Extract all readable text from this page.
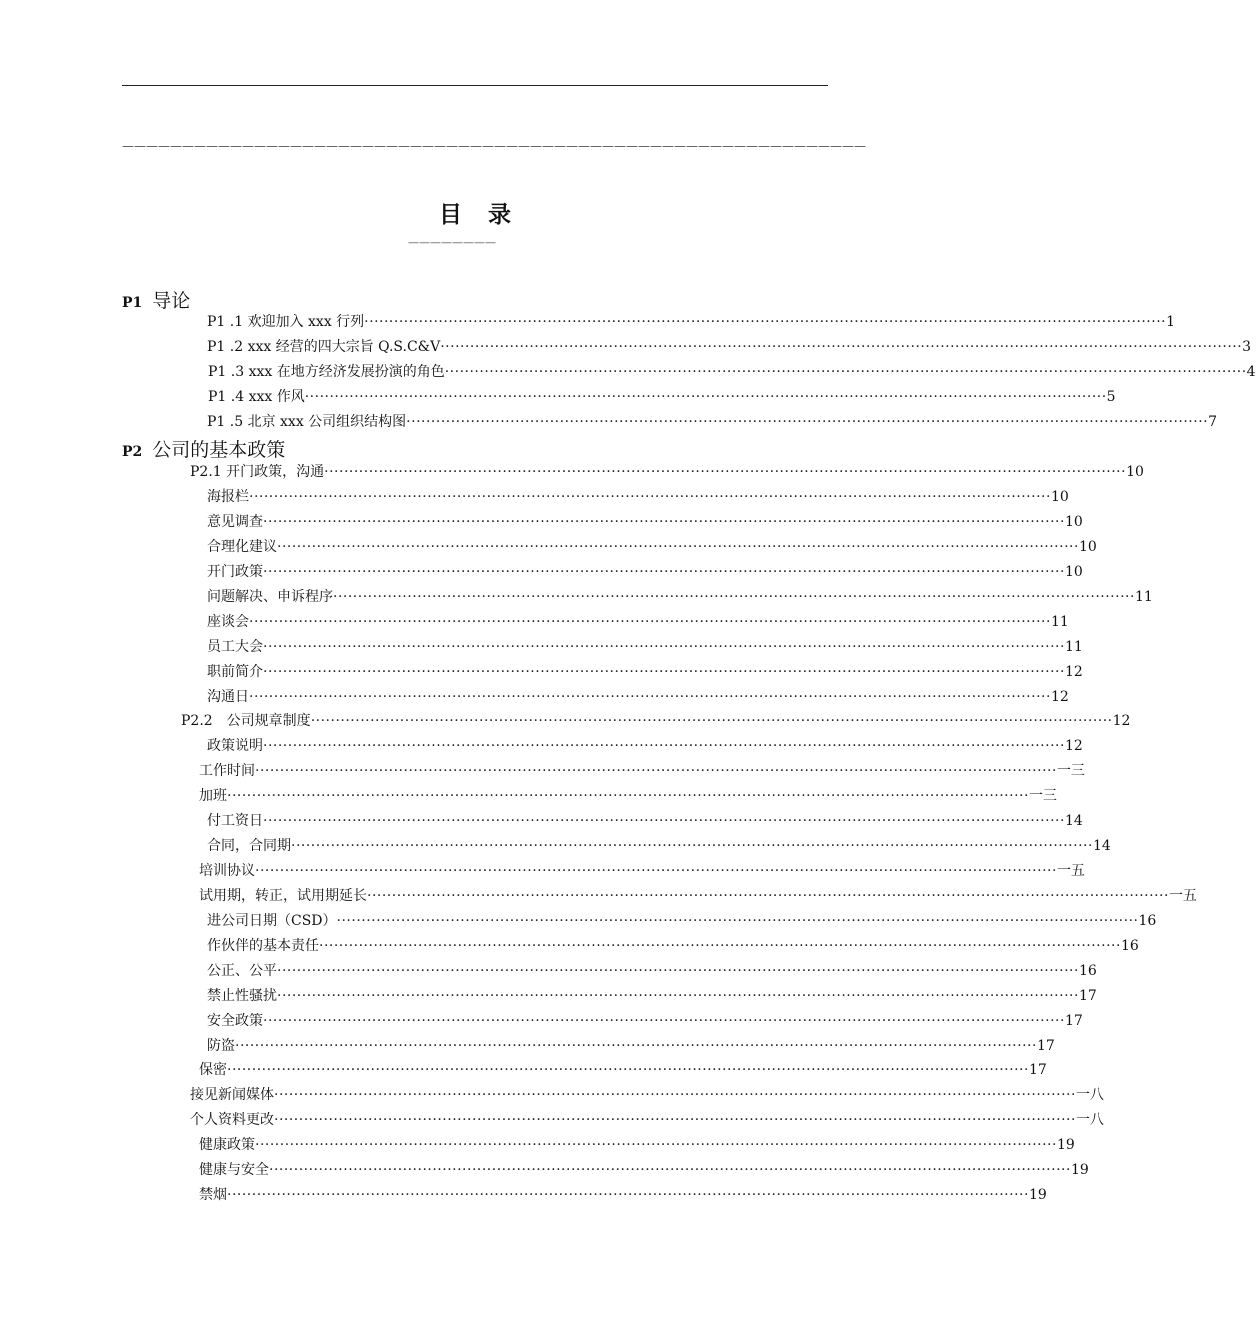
——————————————————————————————————————————————————————————————
目录
————————
P1 导论
P1 .1 欢迎加入 xxx 行列 ·····	1
P1 .2 xxx 经营的四大宗旨 Q.S.C&V ·····	3
P1 .3 xxx 在地方经济发展扮演的角色 ·····	4
P1 .4 xxx 作风 ·····	5
P1 .5 北京 xxx 公司组织结构图 ·····	7
P2 公司的基本政策
P2.1 开门政策，沟通 ·····	10
海报栏 ·····	10
意见调查 ·····	10
合理化建议 ·····	10
开门政策 ·····	10
问题解决、申诉程序 ·····	11
座谈会 ·····	11
员工大会 ·····	11
职前简介 ·····	12
沟通日 ·····	12
P2.2　公司规章制度 ·····	12
政策说明 ·····	12
工作时间 ·····	一三
加班 ·····	一三
付工资日 ·····	14
合同，合同期 ·····	14
培训协议 ·····	一五
试用期，转正，试用期延长 ·····	一五
进公司日期（CSD） ·····	16
作伙伴的基本责任 ·····	16
公正、公平 ·····	16
禁止性骚扰 ·····	17
安全政策 ·····	17
防盗 ·····	17
保密 ·····	17
接见新闻媒体 ·····	一八
个人资料更改 ·····	一八
健康政策 ·····	19
健康与安全 ·····	19
禁烟 ·····	19
